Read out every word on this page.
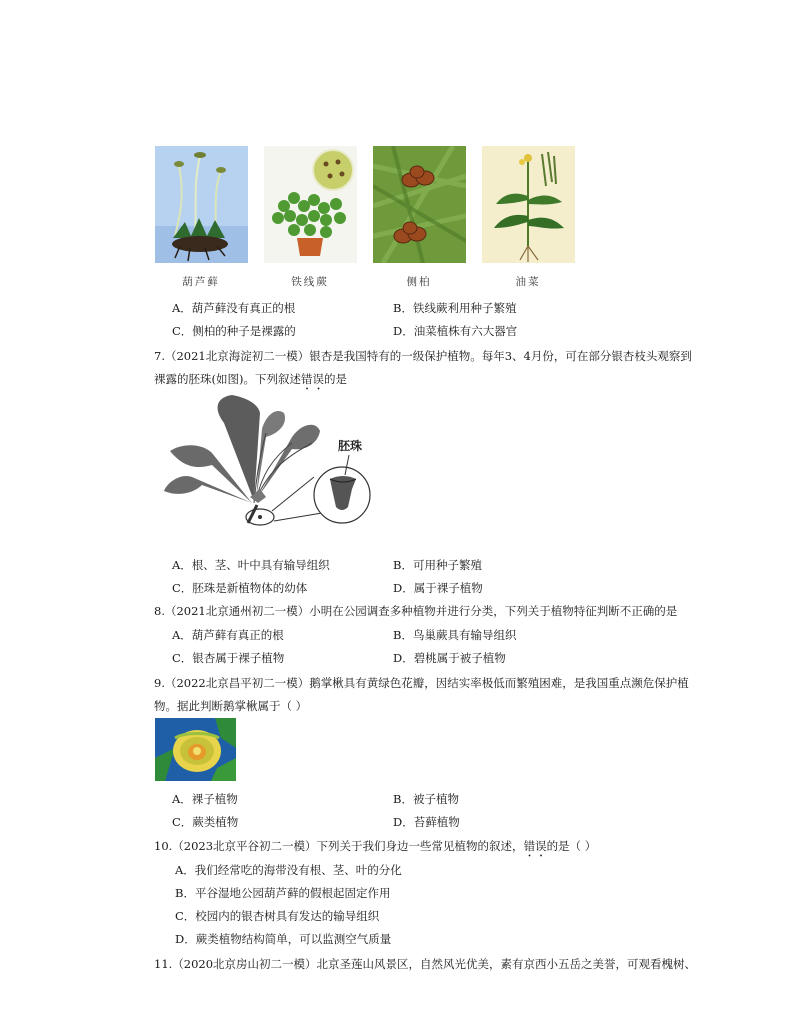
葫芦藓	铁线蕨	侧柏	油菜
A．葫芦藓没有真正的根	B．铁线蕨利用种子繁殖
C．侧柏的种子是裸露的	D．油菜植株有六大器官
7.（2021北京海淀初二一模）银杏是我国特有的一级保护植物。每年3、4月份，可在部分银杏枝头观察到
裸露的胚珠(如图)。下列叙述错误的是
胚珠
A．根、茎、叶中具有输导组织	B．可用种子繁殖
C．胚珠是新植物体的幼体	D．属于裸子植物
8.（2021北京通州初二一模）小明在公园调查多种植物并进行分类，下列关于植物特征判断不正确的是
A．葫芦藓有真正的根	B．鸟巢蕨具有输导组织
C．银杏属于裸子植物	D．碧桃属于被子植物
9.（2022北京昌平初二一模）鹅掌楸具有黄绿色花瓣，因结实率极低而繁殖困难，是我国重点濒危保护植
物。据此判断鹅掌楸属于（ ）
A．裸子植物	B．被子植物
C．蕨类植物	D．苔藓植物
10.（2023北京平谷初二一模）下列关于我们身边一些常见植物的叙述，错误的是（ ）
A．我们经常吃的海带没有根、茎、叶的分化
B．平谷湿地公园葫芦藓的假根起固定作用
C．校园内的银杏树具有发达的输导组织
D．蕨类植物结构简单，可以监测空气质量
11.（2020北京房山初二一模）北京圣莲山风景区，自然风光优美，素有京西小五岳之美誉，可观看槐树、
